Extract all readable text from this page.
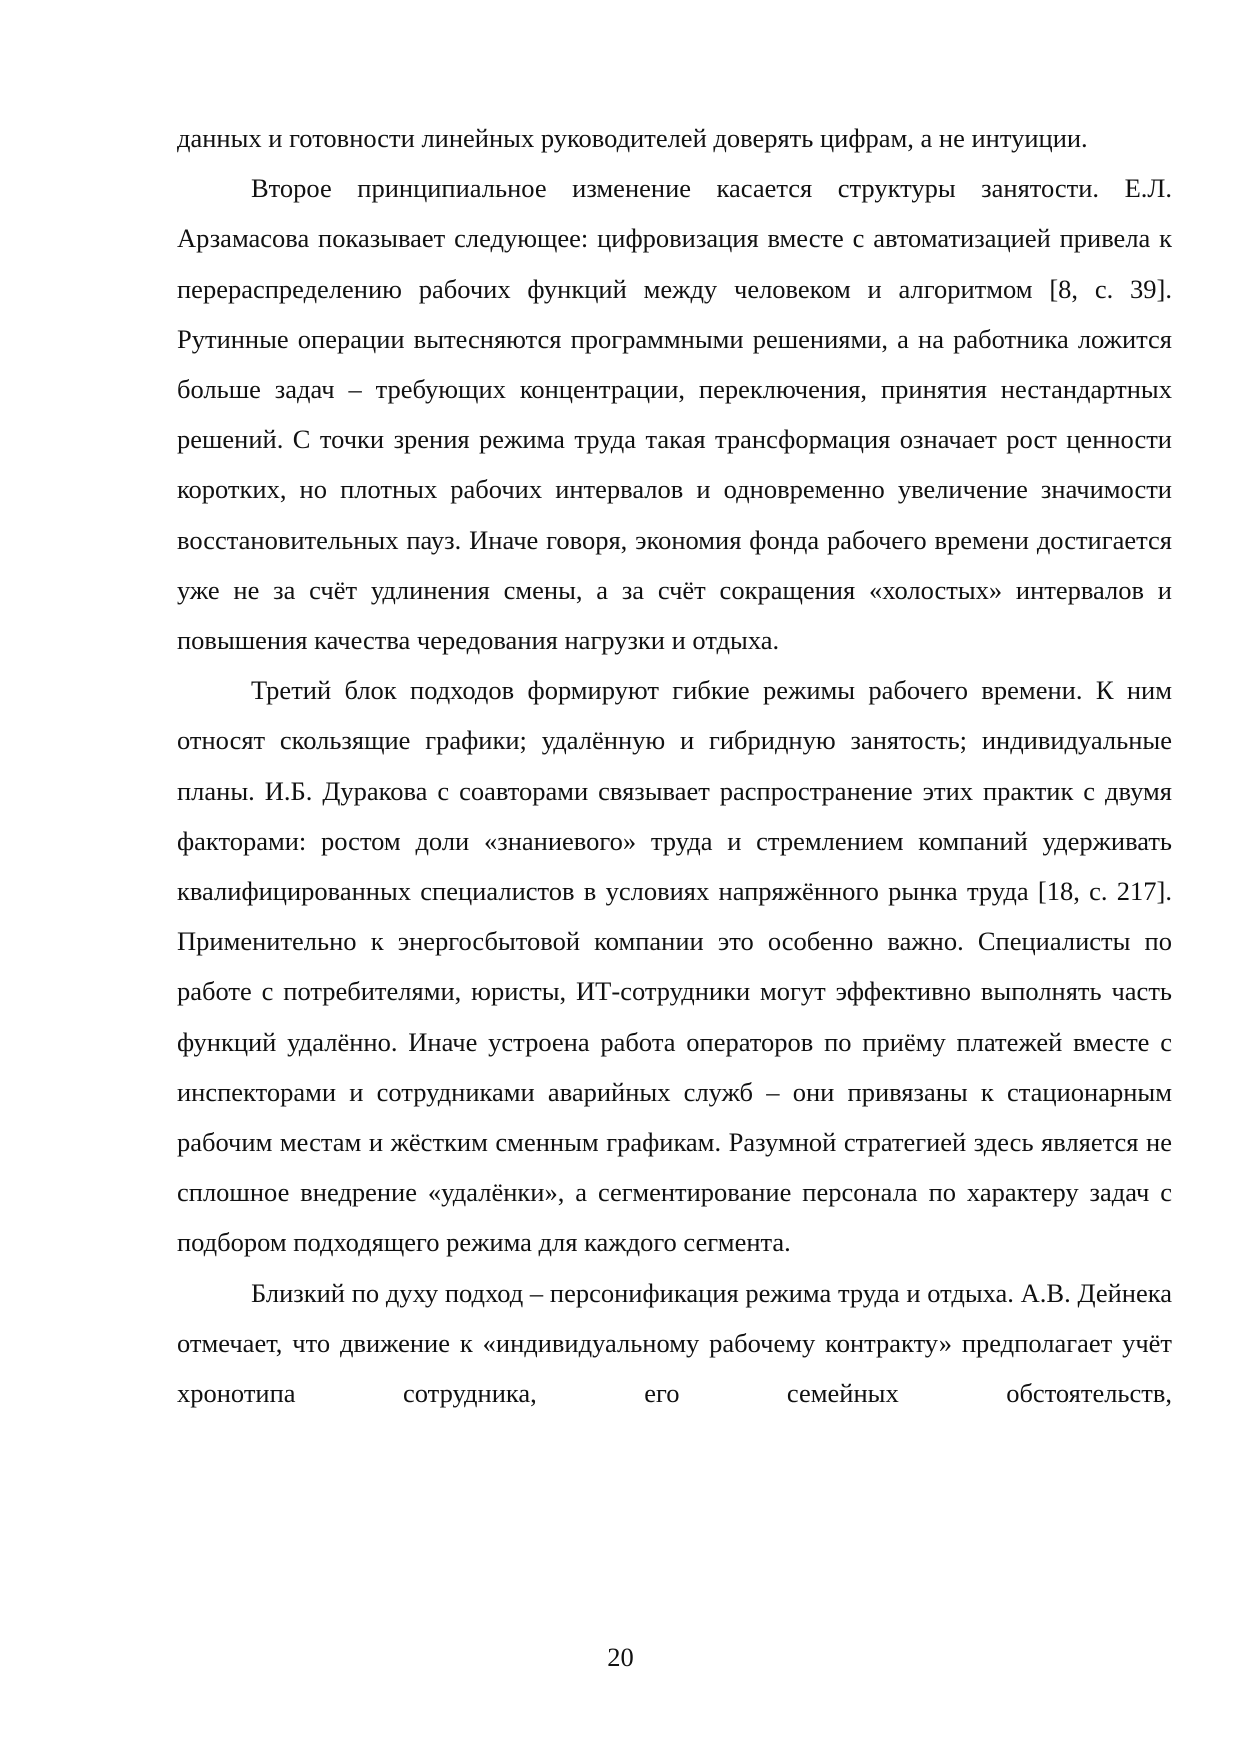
данных и готовности линейных руководителей доверять цифрам, а не интуиции.

Второе принципиальное изменение касается структуры занятости. Е.Л. Арзамасова показывает следующее: цифровизация вместе с автоматизацией привела к перераспределению рабочих функций между человеком и алгоритмом [8, с. 39]. Рутинные операции вытесняются программными решениями, а на работника ложится больше задач – требующих концентрации, переключения, принятия нестандартных решений. С точки зрения режима труда такая трансформация означает рост ценности коротких, но плотных рабочих интервалов и одновременно увеличение значимости восстановительных пауз. Иначе говоря, экономия фонда рабочего времени достигается уже не за счёт удлинения смены, а за счёт сокращения «холостых» интервалов и повышения качества чередования нагрузки и отдыха.

Третий блок подходов формируют гибкие режимы рабочего времени. К ним относят скользящие графики; удалённую и гибридную занятость; индивидуальные планы. И.Б. Дуракова с соавторами связывает распространение этих практик с двумя факторами: ростом доли «знаниевого» труда и стремлением компаний удерживать квалифицированных специалистов в условиях напряжённого рынка труда [18, с. 217]. Применительно к энергосбытовой компании это особенно важно. Специалисты по работе с потребителями, юристы, ИТ-сотрудники могут эффективно выполнять часть функций удалённо. Иначе устроена работа операторов по приёму платежей вместе с инспекторами и сотрудниками аварийных служб – они привязаны к стационарным рабочим местам и жёстким сменным графикам. Разумной стратегией здесь является не сплошное внедрение «удалёнки», а сегментирование персонала по характеру задач с подбором подходящего режима для каждого сегмента.

Близкий по духу подход – персонификация режима труда и отдыха. А.В. Дейнека отмечает, что движение к «индивидуальному рабочему контракту» предполагает учёт хронотипа сотрудника, его семейных обстоятельств,

20
